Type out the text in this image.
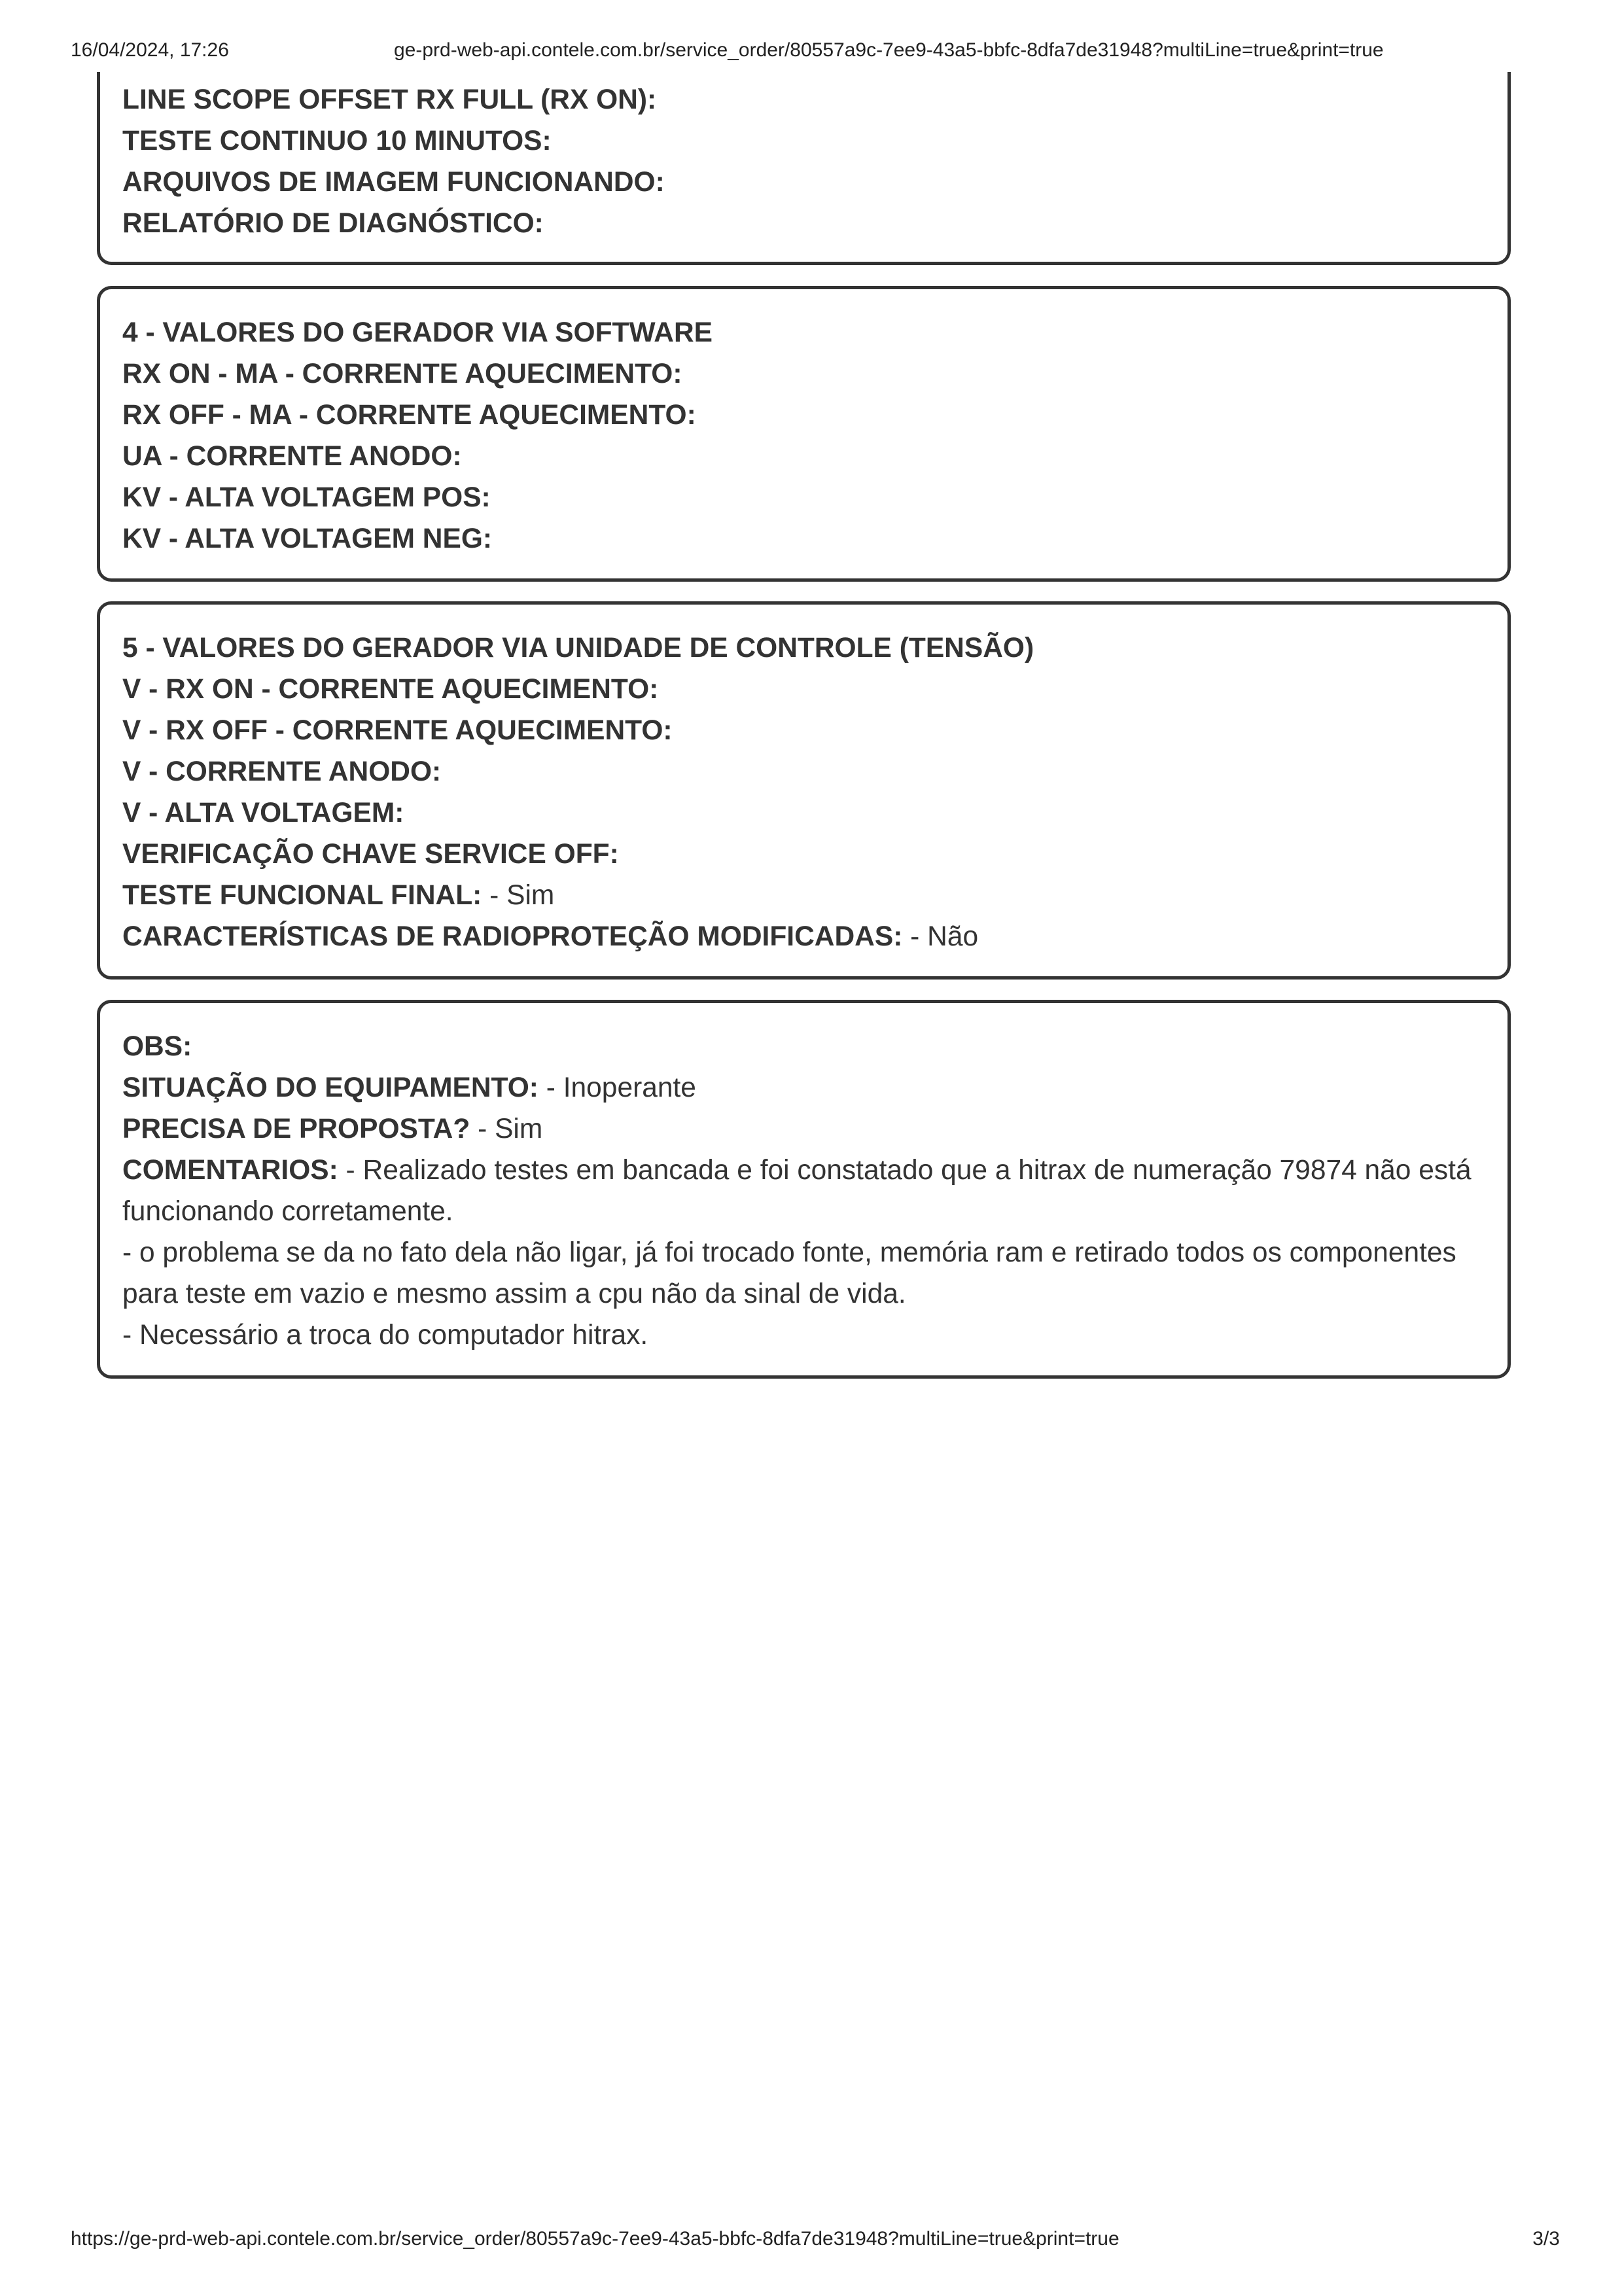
16/04/2024, 17:26	ge-prd-web-api.contele.com.br/service_order/80557a9c-7ee9-43a5-bbfc-8dfa7de31948?multiLine=true&print=true
LINE SCOPE OFFSET RX FULL (RX ON):
TESTE CONTINUO 10 MINUTOS:
ARQUIVOS DE IMAGEM FUNCIONANDO:
RELATÓRIO DE DIAGNÓSTICO:
4 - VALORES DO GERADOR VIA SOFTWARE
RX ON - MA - CORRENTE AQUECIMENTO:
RX OFF - MA - CORRENTE AQUECIMENTO:
UA - CORRENTE ANODO:
KV - ALTA VOLTAGEM POS:
KV - ALTA VOLTAGEM NEG:
5 - VALORES DO GERADOR VIA UNIDADE DE CONTROLE (TENSÃO)
V - RX ON - CORRENTE AQUECIMENTO:
V - RX OFF - CORRENTE AQUECIMENTO:
V - CORRENTE ANODO:
V - ALTA VOLTAGEM:
VERIFICAÇÃO CHAVE SERVICE OFF:
TESTE FUNCIONAL FINAL: - Sim
CARACTERÍSTICAS DE RADIOPROTEÇÃO MODIFICADAS: - Não
OBS:
SITUAÇÃO DO EQUIPAMENTO: - Inoperante
PRECISA DE PROPOSTA? - Sim
COMENTARIOS: - Realizado testes em bancada e foi constatado que a hitrax de numeração 79874 não está funcionando corretamente.
- o problema se da no fato dela não ligar, já foi trocado fonte, memória ram e retirado todos os componentes para teste em vazio e mesmo assim a cpu não da sinal de vida.
- Necessário a troca do computador hitrax.
https://ge-prd-web-api.contele.com.br/service_order/80557a9c-7ee9-43a5-bbfc-8dfa7de31948?multiLine=true&print=true	3/3
